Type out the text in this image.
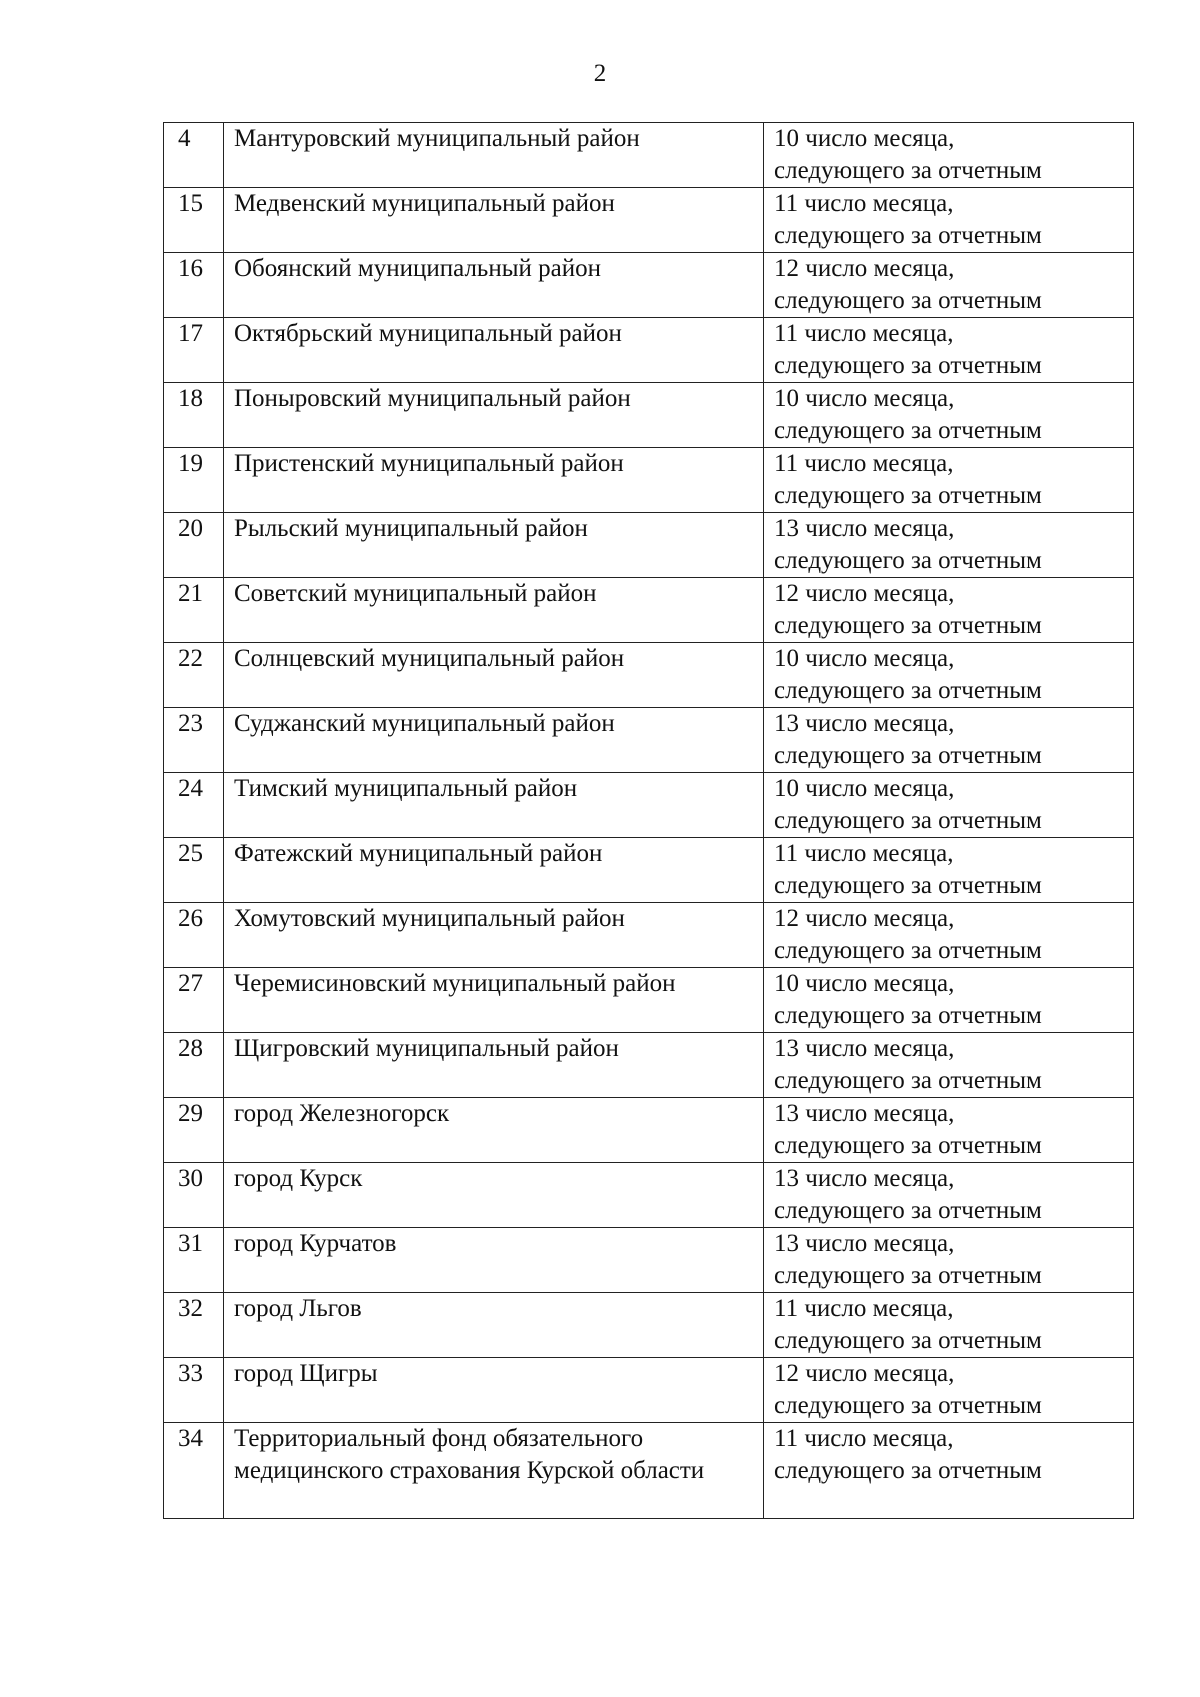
2
4	Мантуровский муниципальный район	10 число месяца,
следующего за отчетным
15	Медвенский муниципальный район	11 число месяца,
следующего за отчетным
16	Обоянский муниципальный район	12 число месяца,
следующего за отчетным
17	Октябрьский муниципальный район	11 число месяца,
следующего за отчетным
18	Поныровский муниципальный район	10 число месяца,
следующего за отчетным
19	Пристенский муниципальный район	11 число месяца,
следующего за отчетным
20	Рыльский муниципальный район	13 число месяца,
следующего за отчетным
21	Советский муниципальный район	12 число месяца,
следующего за отчетным
22	Солнцевский муниципальный район	10 число месяца,
следующего за отчетным
23	Суджанский муниципальный район	13 число месяца,
следующего за отчетным
24	Тимский муниципальный район	10 число месяца,
следующего за отчетным
25	Фатежский муниципальный район	11 число месяца,
следующего за отчетным
26	Хомутовский муниципальный район	12 число месяца,
следующего за отчетным
27	Черемисиновский муниципальный район	10 число месяца,
следующего за отчетным
28	Щигровский муниципальный район	13 число месяца,
следующего за отчетным
29	город Железногорск	13 число месяца,
следующего за отчетным
30	город Курск	13 число месяца,
следующего за отчетным
31	город Курчатов	13 число месяца,
следующего за отчетным
32	город Льгов	11 число месяца,
следующего за отчетным
33	город Щигры	12 число месяца,
следующего за отчетным
34	Территориальный фонд обязательного медицинского страхования Курской области	11 число месяца,
следующего за отчетным
